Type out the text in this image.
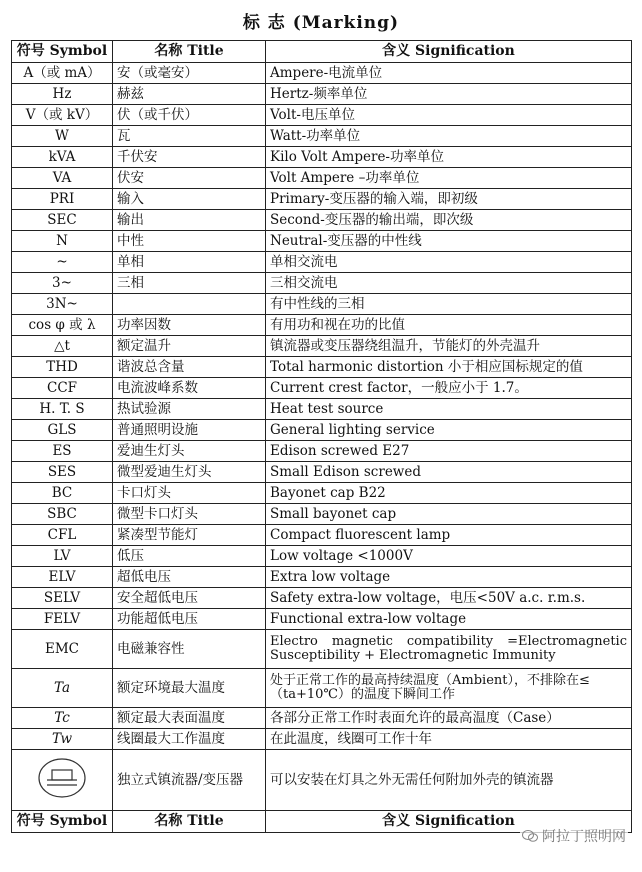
标 志 (Marking)
符号 Symbol	名称 Title	含义 Signification
A（或 mA）	安（或毫安）	Ampere-电流单位
Hz	赫兹	Hertz-频率单位
V（或 kV）	伏（或千伏）	Volt-电压单位
W	瓦	Watt-功率单位
kVA	千伏安	Kilo Volt Ampere-功率单位
VA	伏安	Volt Ampere –功率单位
PRI	输入	Primary-变压器的输入端，即初级
SEC	输出	Second-变压器的输出端，即次级
N	中性	Neutral-变压器的中性线
~	单相	单相交流电
3~	三相	三相交流电
3N~		有中性线的三相
cos φ 或 λ	功率因数	有用功和视在功的比值
△t	额定温升	镇流器或变压器绕组温升，节能灯的外壳温升
THD	谐波总含量	Total harmonic distortion 小于相应国标规定的值
CCF	电流波峰系数	Current crest factor，一般应小于 1.7。
H. T. S	热试验源	Heat test source
GLS	普通照明设施	General lighting service
ES	爱迪生灯头	Edison screwed E27
SES	微型爱迪生灯头	Small Edison screwed
BC	卡口灯头	Bayonet cap B22
SBC	微型卡口灯头	Small bayonet cap
CFL	紧凑型节能灯	Compact fluorescent lamp
LV	低压	Low voltage <1000V
ELV	超低电压	Extra low voltage
SELV	安全超低电压	Safety extra-low voltage，电压<50V a.c. r.m.s.
FELV	功能超低电压	Functional extra-low voltage
EMC	电磁兼容性	Electro magnetic compatibility =Electromagnetic Susceptibility + Electromagnetic Immunity
Ta	额定环境最大温度	处于正常工作的最高持续温度（Ambient），不排除在≤（ta+10℃）的温度下瞬间工作
Tc	额定最大表面温度	各部分正常工作时表面允许的最高温度（Case）
Tw	线圈最大工作温度	在此温度，线圈可工作十年
	独立式镇流器/变压器	可以安装在灯具之外无需任何附加外壳的镇流器
符号 Symbol	名称 Title	含义 Signification
阿拉丁照明网
